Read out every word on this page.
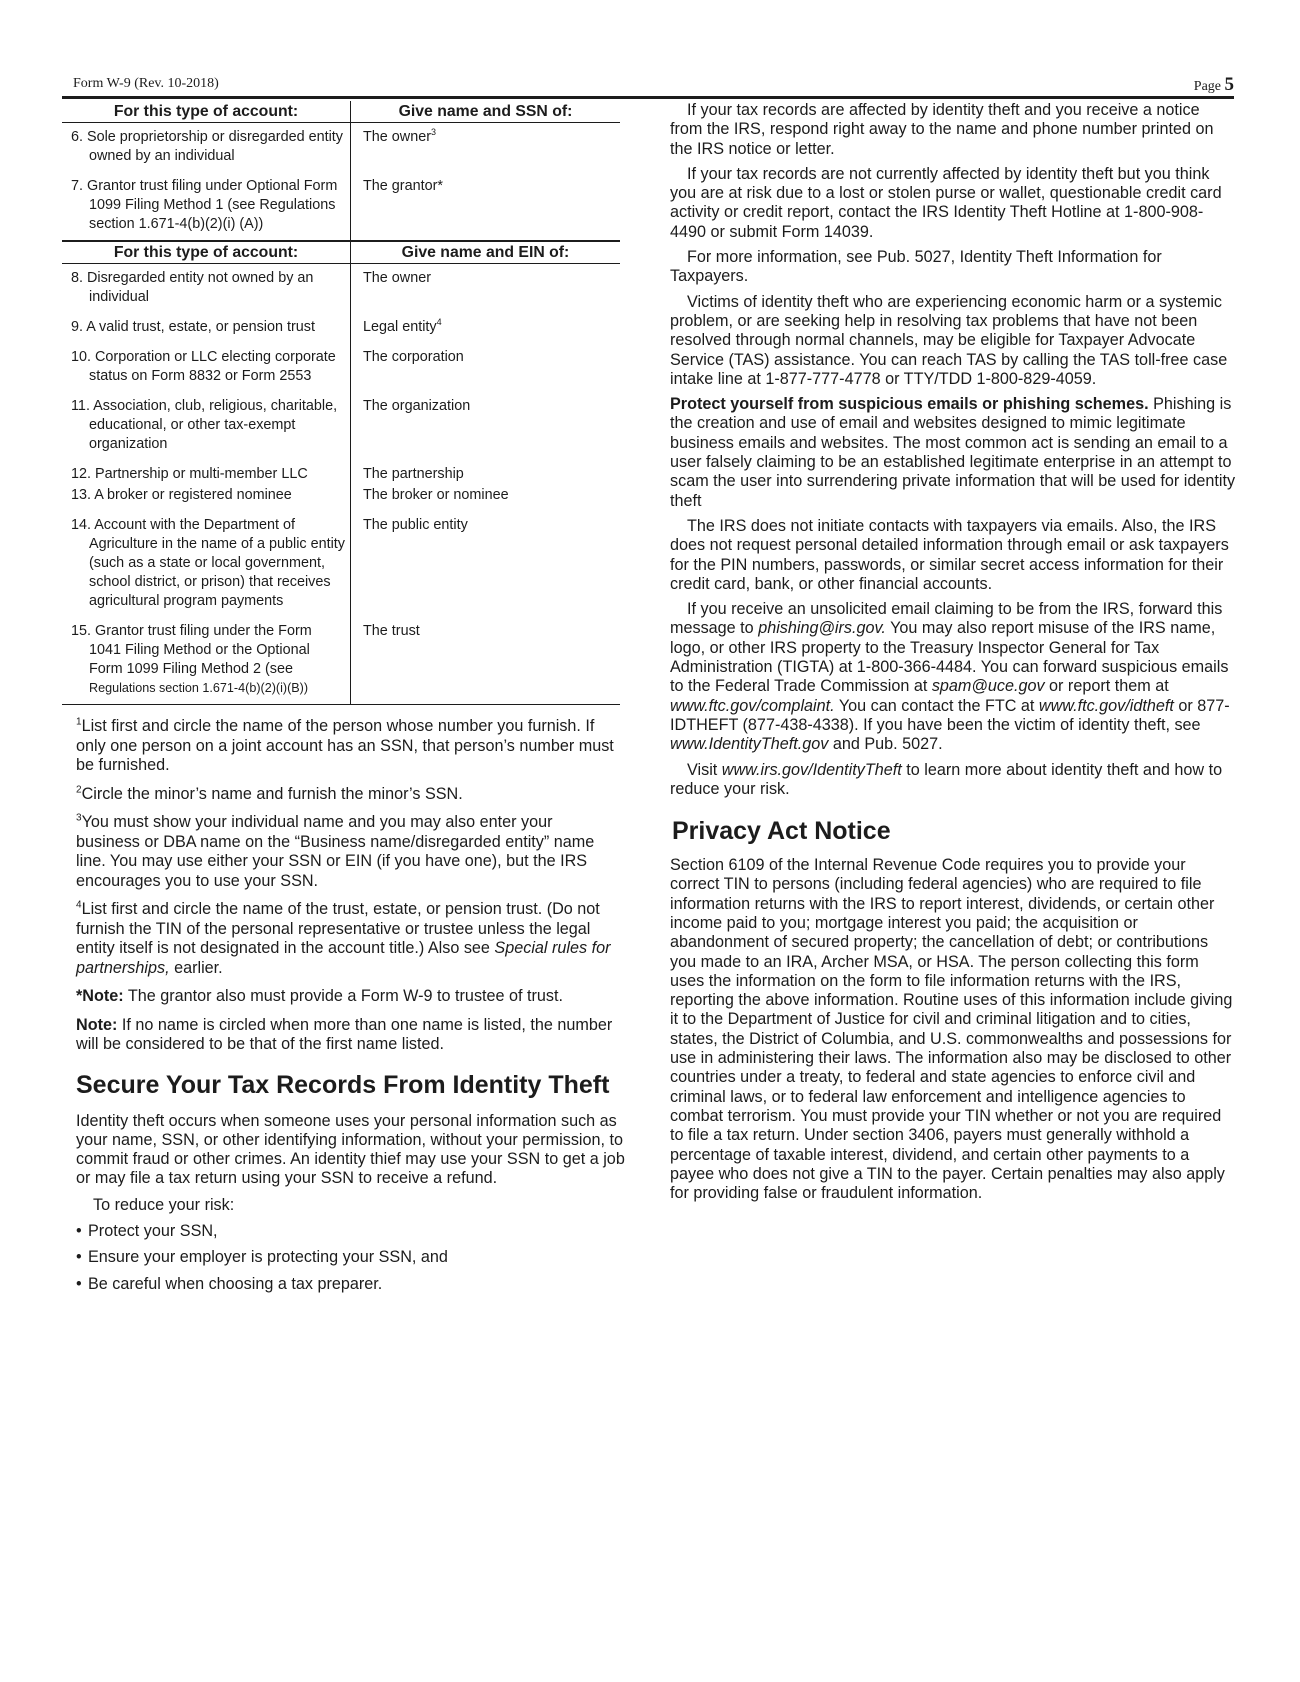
Form W-9 (Rev. 10-2018)	Page 5
For this type of account:	Give name and SSN of:
6. Sole proprietorship or disregarded entity owned by an individual	The owner$^3$
7. Grantor trust filing under Optional Form 1099 Filing Method 1 (see Regulations section 1.671-4(b)(2)(i) (A))	The grantor*
For this type of account:	Give name and EIN of:
8. Disregarded entity not owned by an individual	The owner
9. A valid trust, estate, or pension trust	Legal entity$^4$
10. Corporation or LLC electing corporate status on Form 8832 or Form 2553	The corporation
11. Association, club, religious, charitable, educational, or other tax-exempt organization	The organization
12. Partnership or multi-member LLC	The partnership
13. A broker or registered nominee	The broker or nominee
14. Account with the Department of Agriculture in the name of a public entity (such as a state or local government, school district, or prison) that receives agricultural program payments	The public entity
15. Grantor trust filing under the Form 1041 Filing Method or the Optional Form 1099 Filing Method 2 (see Regulations section 1.671-4(b)(2)(i)(B))	The trust

$^1$List first and circle the name of the person whose number you furnish. If only one person on a joint account has an SSN, that person’s number must be furnished.

$^2$Circle the minor’s name and furnish the minor’s SSN.

$^3$You must show your individual name and you may also enter your business or DBA name on the “Business name/disregarded entity” name line. You may use either your SSN or EIN (if you have one), but the IRS encourages you to use your SSN.

$^4$List first and circle the name of the trust, estate, or pension trust. (Do not furnish the TIN of the personal representative or trustee unless the legal entity itself is not designated in the account title.) Also see Special rules for partnerships, earlier.

*Note: The grantor also must provide a Form W-9 to trustee of trust.

Note: If no name is circled when more than one name is listed, the number will be considered to be that of the first name listed.

Secure Your Tax Records From Identity Theft

Identity theft occurs when someone uses your personal information such as your name, SSN, or other identifying information, without your permission, to commit fraud or other crimes. An identity thief may use your SSN to get a job or may file a tax return using your SSN to receive a refund.

To reduce your risk:

• Protect your SSN,

• Ensure your employer is protecting your SSN, and

• Be careful when choosing a tax preparer.

If your tax records are affected by identity theft and you receive a notice from the IRS, respond right away to the name and phone number printed on the IRS notice or letter.

If your tax records are not currently affected by identity theft but you think you are at risk due to a lost or stolen purse or wallet, questionable credit card activity or credit report, contact the IRS Identity Theft Hotline at 1-800-908-4490 or submit Form 14039.

For more information, see Pub. 5027, Identity Theft Information for Taxpayers.

Victims of identity theft who are experiencing economic harm or a systemic problem, or are seeking help in resolving tax problems that have not been resolved through normal channels, may be eligible for Taxpayer Advocate Service (TAS) assistance. You can reach TAS by calling the TAS toll-free case intake line at 1-877-777-4778 or TTY/TDD 1-800-829-4059.

Protect yourself from suspicious emails or phishing schemes. Phishing is the creation and use of email and websites designed to mimic legitimate business emails and websites. The most common act is sending an email to a user falsely claiming to be an established legitimate enterprise in an attempt to scam the user into surrendering private information that will be used for identity theft

The IRS does not initiate contacts with taxpayers via emails. Also, the IRS does not request personal detailed information through email or ask taxpayers for the PIN numbers, passwords, or similar secret access information for their credit card, bank, or other financial accounts.

If you receive an unsolicited email claiming to be from the IRS, forward this message to phishing@irs.gov. You may also report misuse of the IRS name, logo, or other IRS property to the Treasury Inspector General for Tax Administration (TIGTA) at 1-800-366-4484. You can forward suspicious emails to the Federal Trade Commission at spam@uce.gov or report them at www.ftc.gov/complaint. You can contact the FTC at www.ftc.gov/idtheft or 877-IDTHEFT (877-438-4338). If you have been the victim of identity theft, see www.IdentityTheft.gov and Pub. 5027.

Visit www.irs.gov/IdentityTheft to learn more about identity theft and how to reduce your risk.

Privacy Act Notice

Section 6109 of the Internal Revenue Code requires you to provide your correct TIN to persons (including federal agencies) who are required to file information returns with the IRS to report interest, dividends, or certain other income paid to you; mortgage interest you paid; the acquisition or abandonment of secured property; the cancellation of debt; or contributions you made to an IRA, Archer MSA, or HSA. The person collecting this form uses the information on the form to file information returns with the IRS, reporting the above information. Routine uses of this information include giving it to the Department of Justice for civil and criminal litigation and to cities, states, the District of Columbia, and U.S. commonwealths and possessions for use in administering their laws. The information also may be disclosed to other countries under a treaty, to federal and state agencies to enforce civil and criminal laws, or to federal law enforcement and intelligence agencies to combat terrorism. You must provide your TIN whether or not you are required to file a tax return. Under section 3406, payers must generally withhold a percentage of taxable interest, dividend, and certain other payments to a payee who does not give a TIN to the payer. Certain penalties may also apply for providing false or fraudulent information.
